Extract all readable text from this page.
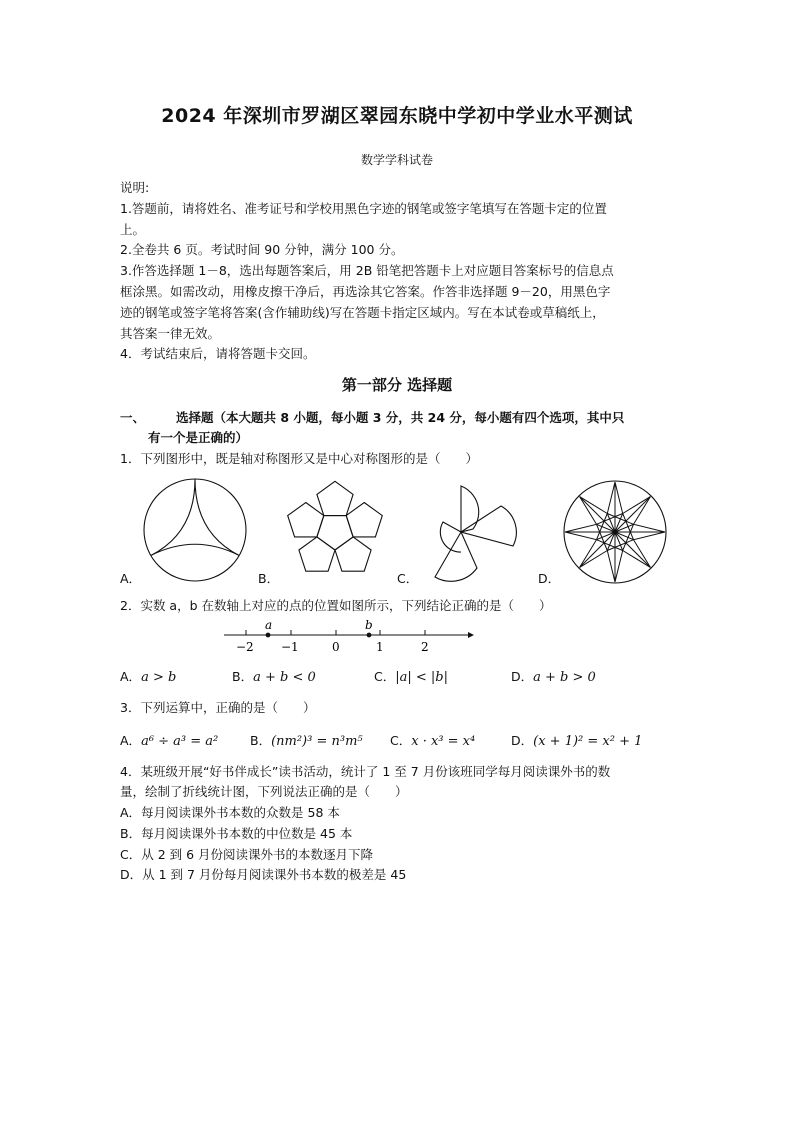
2024 年深圳市罗湖区翠园东晓中学初中学业水平测试
数学学科试卷
说明:
1.答题前，请将姓名、准考证号和学校用黑色字迹的钢笔或签字笔填写在答题卡定的位置
上。
2.全卷共 6 页。考试时间 90 分钟，满分 100 分。
3.作答选择题 1－8，选出每题答案后，用 2B 铅笔把答题卡上对应题目答案标号的信息点
框涂黑。如需改动，用橡皮擦干净后，再选涂其它答案。作答非选择题 9－20，用黑色字
迹的钢笔或签字笔将答案(含作辅助线)写在答题卡指定区域内。写在本试卷或草稿纸上，
其答案一律无效。
4．考试结束后，请将答题卡交回。
第一部分 选择题
一、 选择题（本大题共 8 小题，每小题 3 分，共 24 分，每小题有四个选项，其中只
有一个是正确的）
1．下列图形中，既是轴对称图形又是中心对称图形的是（　　）
A．	B．	C．	D．
2．实数 a，b 在数轴上对应的点的位置如图所示，下列结论正确的是（　　）
a	b
−2 −1	0	1	2
A．a > b	B．a + b < 0	C．|a| < |b|	D．a + b > 0
3．下列运算中，正确的是（　　）
A．a⁶ ÷ a³ = a²	B．(nm²)³ = n³m⁵ C．x · x³ = x⁴	D．(x + 1)² = x² + 1
4．某班级开展“好书伴成长”读书活动，统计了 1 至 7 月份该班同学每月阅读课外书的数
量，绘制了折线统计图，下列说法正确的是（　　）
A．每月阅读课外书本数的众数是 58 本
B．每月阅读课外书本数的中位数是 45 本
C．从 2 到 6 月份阅读课外书的本数逐月下降
D．从 1 到 7 月份每月阅读课外书本数的极差是 45
